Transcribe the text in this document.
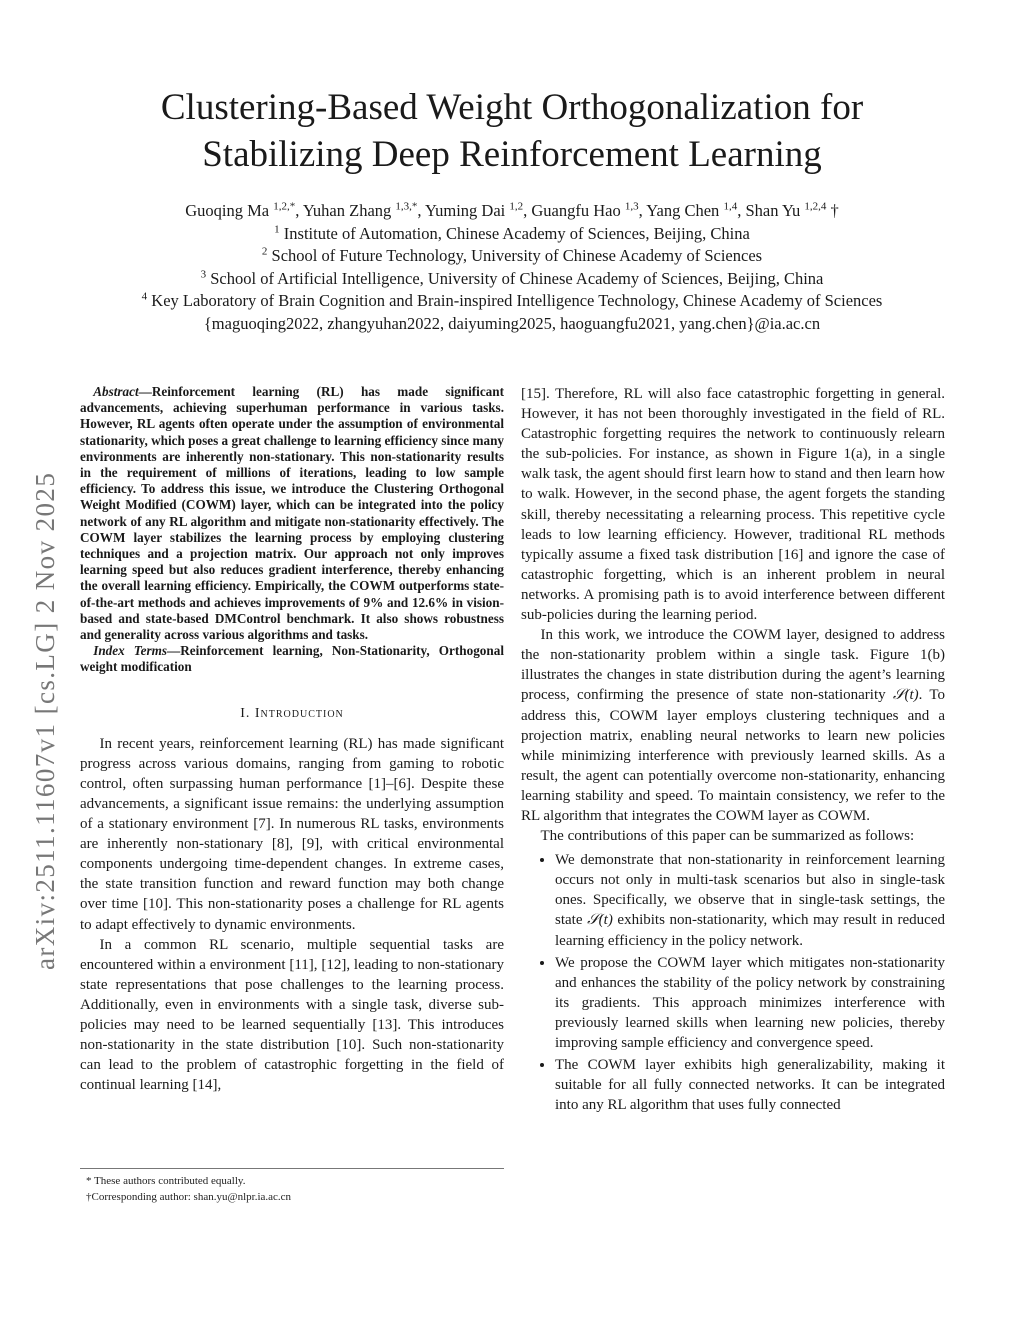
Clustering-Based Weight Orthogonalization for
Stabilizing Deep Reinforcement Learning
Guoqing Ma $^{1,2,*}$, Yuhan Zhang $^{1,3,*}$, Yuming Dai $^{1,2}$, Guangfu Hao $^{1,3}$, Yang Chen $^{1,4}$, Shan Yu $^{1,2,4}$ †
$^1$ Institute of Automation, Chinese Academy of Sciences, Beijing, China
$^2$ School of Future Technology, University of Chinese Academy of Sciences
$^3$ School of Artificial Intelligence, University of Chinese Academy of Sciences, Beijing, China
$^4$ Key Laboratory of Brain Cognition and Brain-inspired Intelligence Technology, Chinese Academy of Sciences
{maguoqing2022, zhangyuhan2022, daiyuming2025, haoguangfu2021, yang.chen}@ia.ac.cn
arXiv:2511.11607v1 [cs.LG] 2 Nov 2025

Abstract—Reinforcement learning (RL) has made significant advancements, achieving superhuman performance in various tasks. However, RL agents often operate under the assumption of environmental stationarity, which poses a great challenge to learning efficiency since many environments are inherently non-stationary. This non-stationarity results in the requirement of millions of iterations, leading to low sample efficiency. To address this issue, we introduce the Clustering Orthogonal Weight Modified (COWM) layer, which can be integrated into the policy network of any RL algorithm and mitigate non-stationarity effectively. The COWM layer stabilizes the learning process by employing clustering techniques and a projection matrix. Our approach not only improves learning speed but also reduces gradient interference, thereby enhancing the overall learning efficiency. Empirically, the COWM outperforms state-of-the-art methods and achieves improvements of 9% and 12.6% in vision-based and state-based DMControl benchmark. It also shows robustness and generality across various algorithms and tasks.

Index Terms—Reinforcement learning, Non-Stationarity, Orthogonal weight modification

I. Introduction

In recent years, reinforcement learning (RL) has made significant progress across various domains, ranging from gaming to robotic control, often surpassing human performance [1]–[6]. Despite these advancements, a significant issue remains: the underlying assumption of a stationary environment [7]. In numerous RL tasks, environments are inherently non-stationary [8], [9], with critical environmental components undergoing time-dependent changes. In extreme cases, the state transition function and reward function may both change over time [10]. This non-stationarity poses a challenge for RL agents to adapt effectively to dynamic environments.

In a common RL scenario, multiple sequential tasks are encountered within a environment [11], [12], leading to non-stationary state representations that pose challenges to the learning process. Additionally, even in environments with a single task, diverse sub-policies may need to be learned sequentially [13]. This introduces non-stationarity in the state distribution [10]. Such non-stationarity can lead to the problem of catastrophic forgetting in the field of continual learning [14],

[15]. Therefore, RL will also face catastrophic forgetting in general. However, it has not been thoroughly investigated in the field of RL. Catastrophic forgetting requires the network to continuously relearn the sub-policies. For instance, as shown in Figure 1(a), in a single walk task, the agent should first learn how to stand and then learn how to walk. However, in the second phase, the agent forgets the standing skill, thereby necessitating a relearning process. This repetitive cycle leads to low learning efficiency. However, traditional RL methods typically assume a fixed task distribution [16] and ignore the case of catastrophic forgetting, which is an inherent problem in neural networks. A promising path is to avoid interference between different sub-policies during the learning period.

In this work, we introduce the COWM layer, designed to address the non-stationarity problem within a single task. Figure 1(b) illustrates the changes in state distribution during the agent’s learning process, confirming the presence of state non-stationarity 𝒮(t). To address this, COWM layer employs clustering techniques and a projection matrix, enabling neural networks to learn new policies while minimizing interference with previously learned skills. As a result, the agent can potentially overcome non-stationarity, enhancing learning stability and speed. To maintain consistency, we refer to the RL algorithm that integrates the COWM layer as COWM.

The contributions of this paper can be summarized as follows:

• We demonstrate that non-stationarity in reinforcement learning occurs not only in multi-task scenarios but also in single-task ones. Specifically, we observe that in single-task settings, the state 𝒮(t) exhibits non-stationarity, which may result in reduced learning efficiency in the policy network.
• We propose the COWM layer which mitigates non-stationarity and enhances the stability of the policy network by constraining its gradients. This approach minimizes interference with previously learned skills when learning new policies, thereby improving sample efficiency and convergence speed.
• The COWM layer exhibits high generalizability, making it suitable for all fully connected networks. It can be integrated into any RL algorithm that uses fully connected
* These authors contributed equally.
†Corresponding author: shan.yu@nlpr.ia.ac.cn
